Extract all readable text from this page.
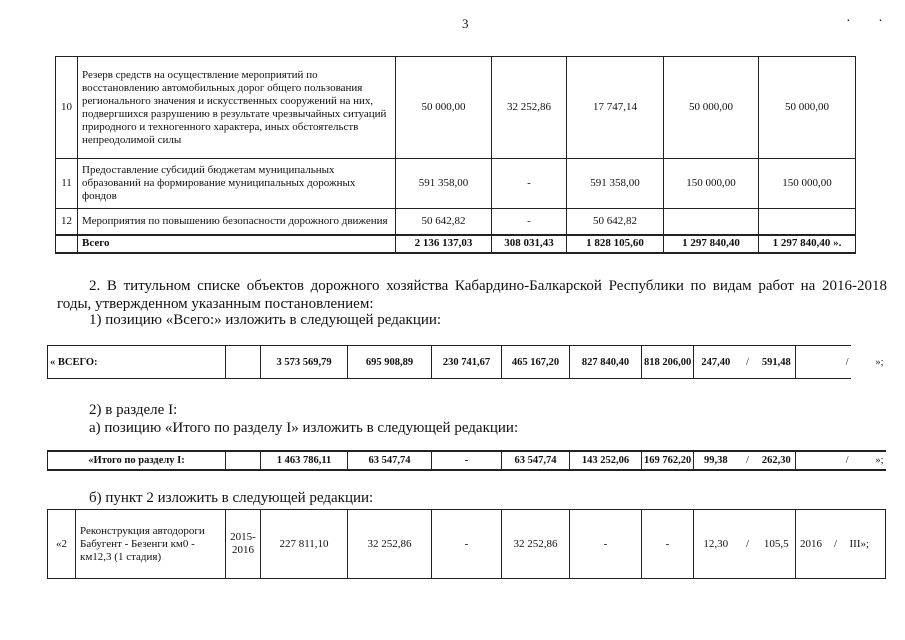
3	· ·
10	Резерв средств на осуществление мероприятий по восстановлению автомобильных дорог общего пользования регионального значения и искусственных сооружений на них, подвергшихся разрушению в результате чрезвычайных ситуаций природного и техногенного характера, иных обстоятельств непреодолимой силы	50 000,00	32 252,86	17 747,14	50 000,00	50 000,00
11	Предоставление субсидий бюджетам муниципальных образований на формирование муниципальных дорожных фондов	591 358,00	-	591 358,00	150 000,00	150 000,00
12	Мероприятия по повышению безопасности дорожного движения	50 642,82	-	50 642,82		
	Всего	2 136 137,03	308 031,43	1 828 105,60	1 297 840,40	1 297 840,40 ».
2. В титульном списке объектов дорожного хозяйства Кабардино-Балкарской Республики по видам работ на 2016-2018 годы, утвержденном указанным постановлением:
1) позицию «Всего:» изложить в следующей редакции:
« ВСЕГО:		3 573 569,79	695 908,89	230 741,67	465 167,20	827 840,40	818 206,00	247,40	/	591,48	/	»;
2) в разделе I:
а) позицию «Итого по разделу I» изложить в следующей редакции:
«Итого по разделу I:		1 463 786,11	63 547,74	-	63 547,74	143 252,06	169 762,20	99,38	/	262,30	/	»;
б) пункт 2 изложить в следующей редакции:
«2	Реконструкция автодороги Бабугент - Безенги км0 - км12,3 (1 стадия)	2015-2016	227 811,10	32 252,86	-	32 252,86	-	-	12,30	/	105,5	2016	/	III»;
